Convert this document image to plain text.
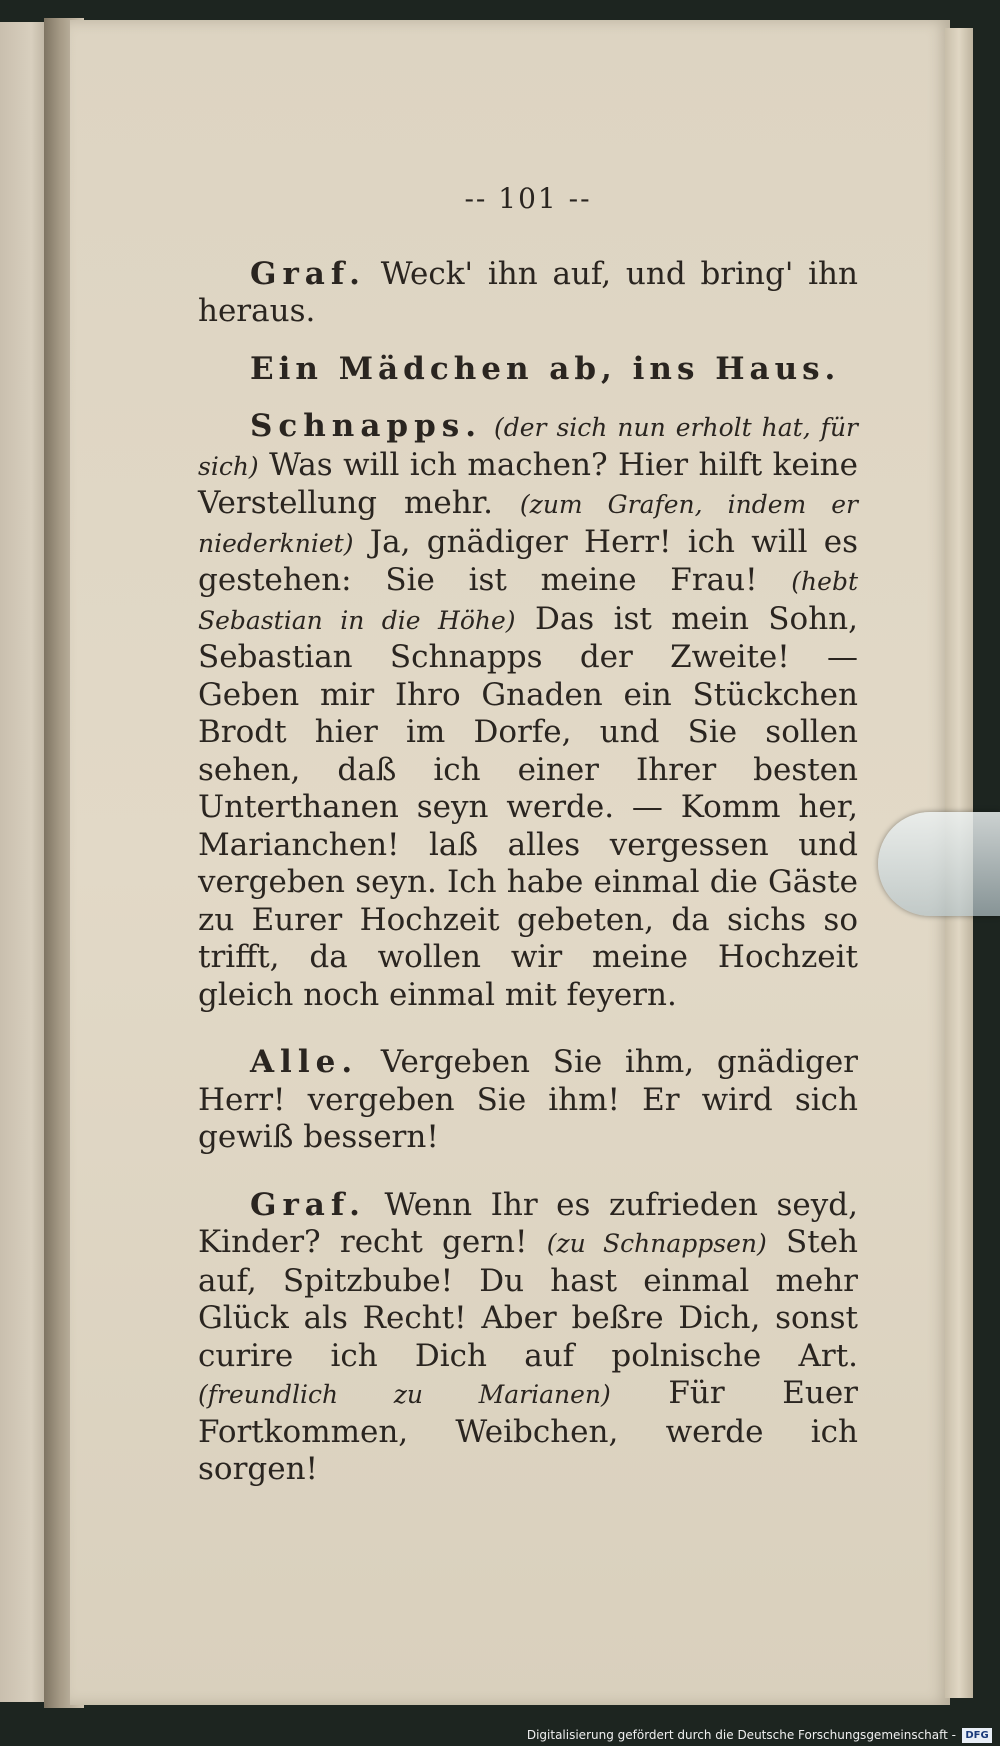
-- 101 --

Graf. Weck' ihn auf, und bring' ihn heraus.

Ein Mädchen ab, ins Haus.

Schnapps. (der sich nun erholt hat, für sich) Was will ich machen? Hier hilft keine Verstellung mehr. (zum Grafen, indem er niederkniet) Ja, gnädiger Herr! ich will es gestehen: Sie ist meine Frau! (hebt Sebastian in die Höhe) Das ist mein Sohn, Sebastian Schnapps der Zweite! — Geben mir Ihro Gnaden ein Stückchen Brodt hier im Dorfe, und Sie sollen sehen, daß ich einer Ihrer besten Unterthanen seyn werde. — Komm her, Marianchen! laß alles vergessen und vergeben seyn. Ich habe einmal die Gäste zu Eurer Hochzeit gebeten, da sichs so trifft, da wollen wir meine Hochzeit gleich noch einmal mit feyern.

Alle. Vergeben Sie ihm, gnädiger Herr! vergeben Sie ihm! Er wird sich gewiß bessern!

Graf. Wenn Ihr es zufrieden seyd, Kinder? recht gern! (zu Schnappsen) Steh auf, Spitzbube! Du hast einmal mehr Glück als Recht! Aber beßre Dich, sonst curire ich Dich auf polnische Art. (freundlich zu Marianen) Für Euer Fortkommen, Weibchen, werde ich sorgen!

Digitalisierung gefördert durch die Deutsche Forschungsgemeinschaft - DFG
